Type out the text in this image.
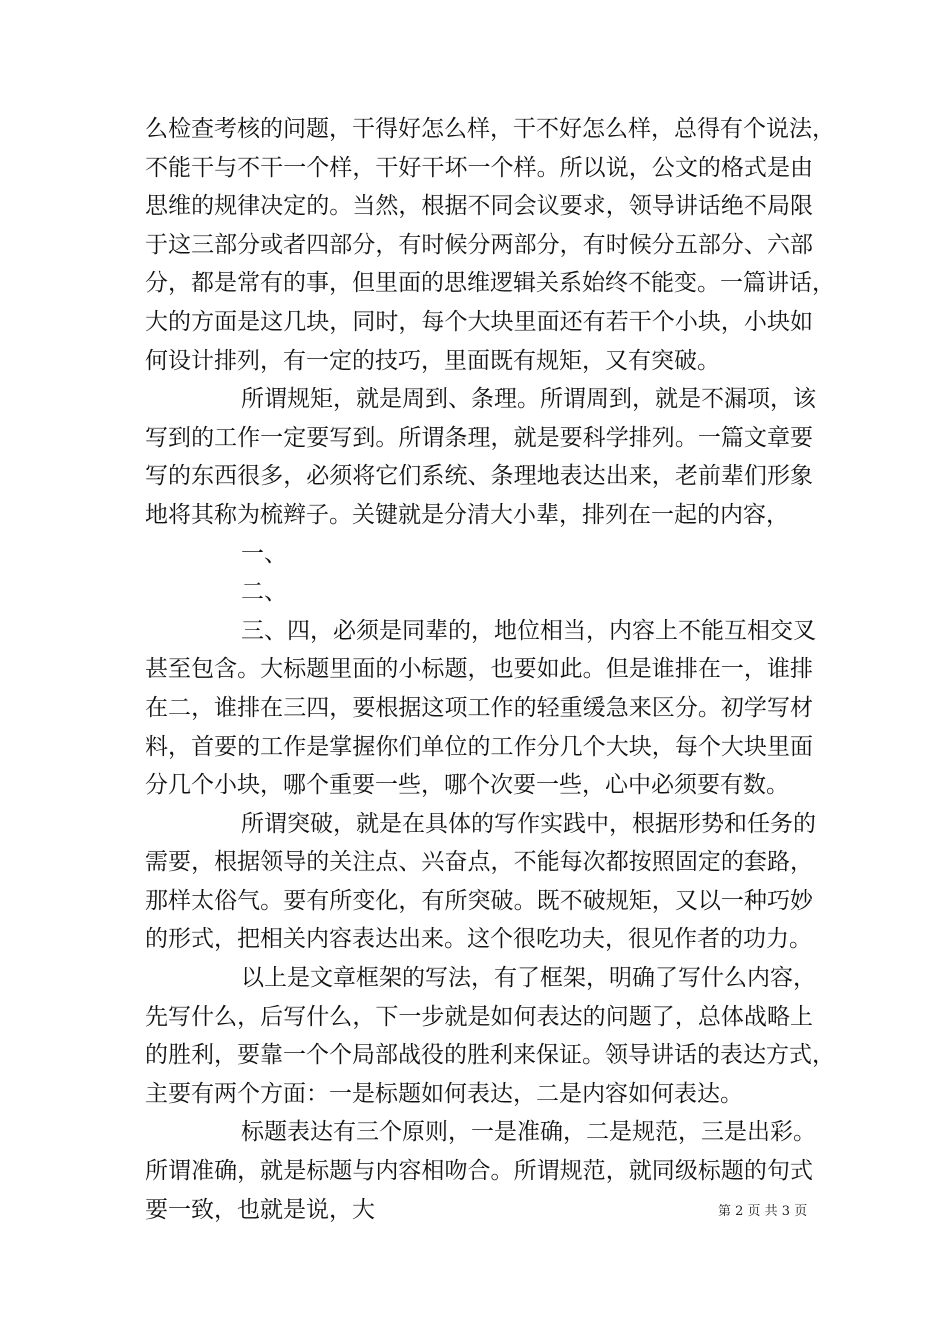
么检查考核的问题，干得好怎么样，干不好怎么样，总得有个说法，
不能干与不干一个样，干好干坏一个样。所以说，公文的格式是由
思维的规律决定的。当然，根据不同会议要求，领导讲话绝不局限
于这三部分或者四部分，有时候分两部分，有时候分五部分、六部
分，都是常有的事，但里面的思维逻辑关系始终不能变。一篇讲话，
大的方面是这几块，同时，每个大块里面还有若干个小块，小块如
何设计排列，有一定的技巧，里面既有规矩，又有突破。
所谓规矩，就是周到、条理。所谓周到，就是不漏项，该
写到的工作一定要写到。所谓条理，就是要科学排列。一篇文章要
写的东西很多，必须将它们系统、条理地表达出来，老前辈们形象
地将其称为梳辫子。关键就是分清大小辈，排列在一起的内容，
一、
二、
三、四，必须是同辈的，地位相当，内容上不能互相交叉
甚至包含。大标题里面的小标题，也要如此。但是谁排在一，谁排
在二，谁排在三四，要根据这项工作的轻重缓急来区分。初学写材
料，首要的工作是掌握你们单位的工作分几个大块，每个大块里面
分几个小块，哪个重要一些，哪个次要一些，心中必须要有数。
所谓突破，就是在具体的写作实践中，根据形势和任务的
需要，根据领导的关注点、兴奋点，不能每次都按照固定的套路，
那样太俗气。要有所变化，有所突破。既不破规矩，又以一种巧妙
的形式，把相关内容表达出来。这个很吃功夫，很见作者的功力。
以上是文章框架的写法，有了框架，明确了写什么内容，
先写什么，后写什么，下一步就是如何表达的问题了，总体战略上
的胜利，要靠一个个局部战役的胜利来保证。领导讲话的表达方式，
主要有两个方面：一是标题如何表达，二是内容如何表达。
标题表达有三个原则，一是准确，二是规范，三是出彩。
所谓准确，就是标题与内容相吻合。所谓规范，就同级标题的句式
要一致，也就是说，大	第 2 页 共 3 页
